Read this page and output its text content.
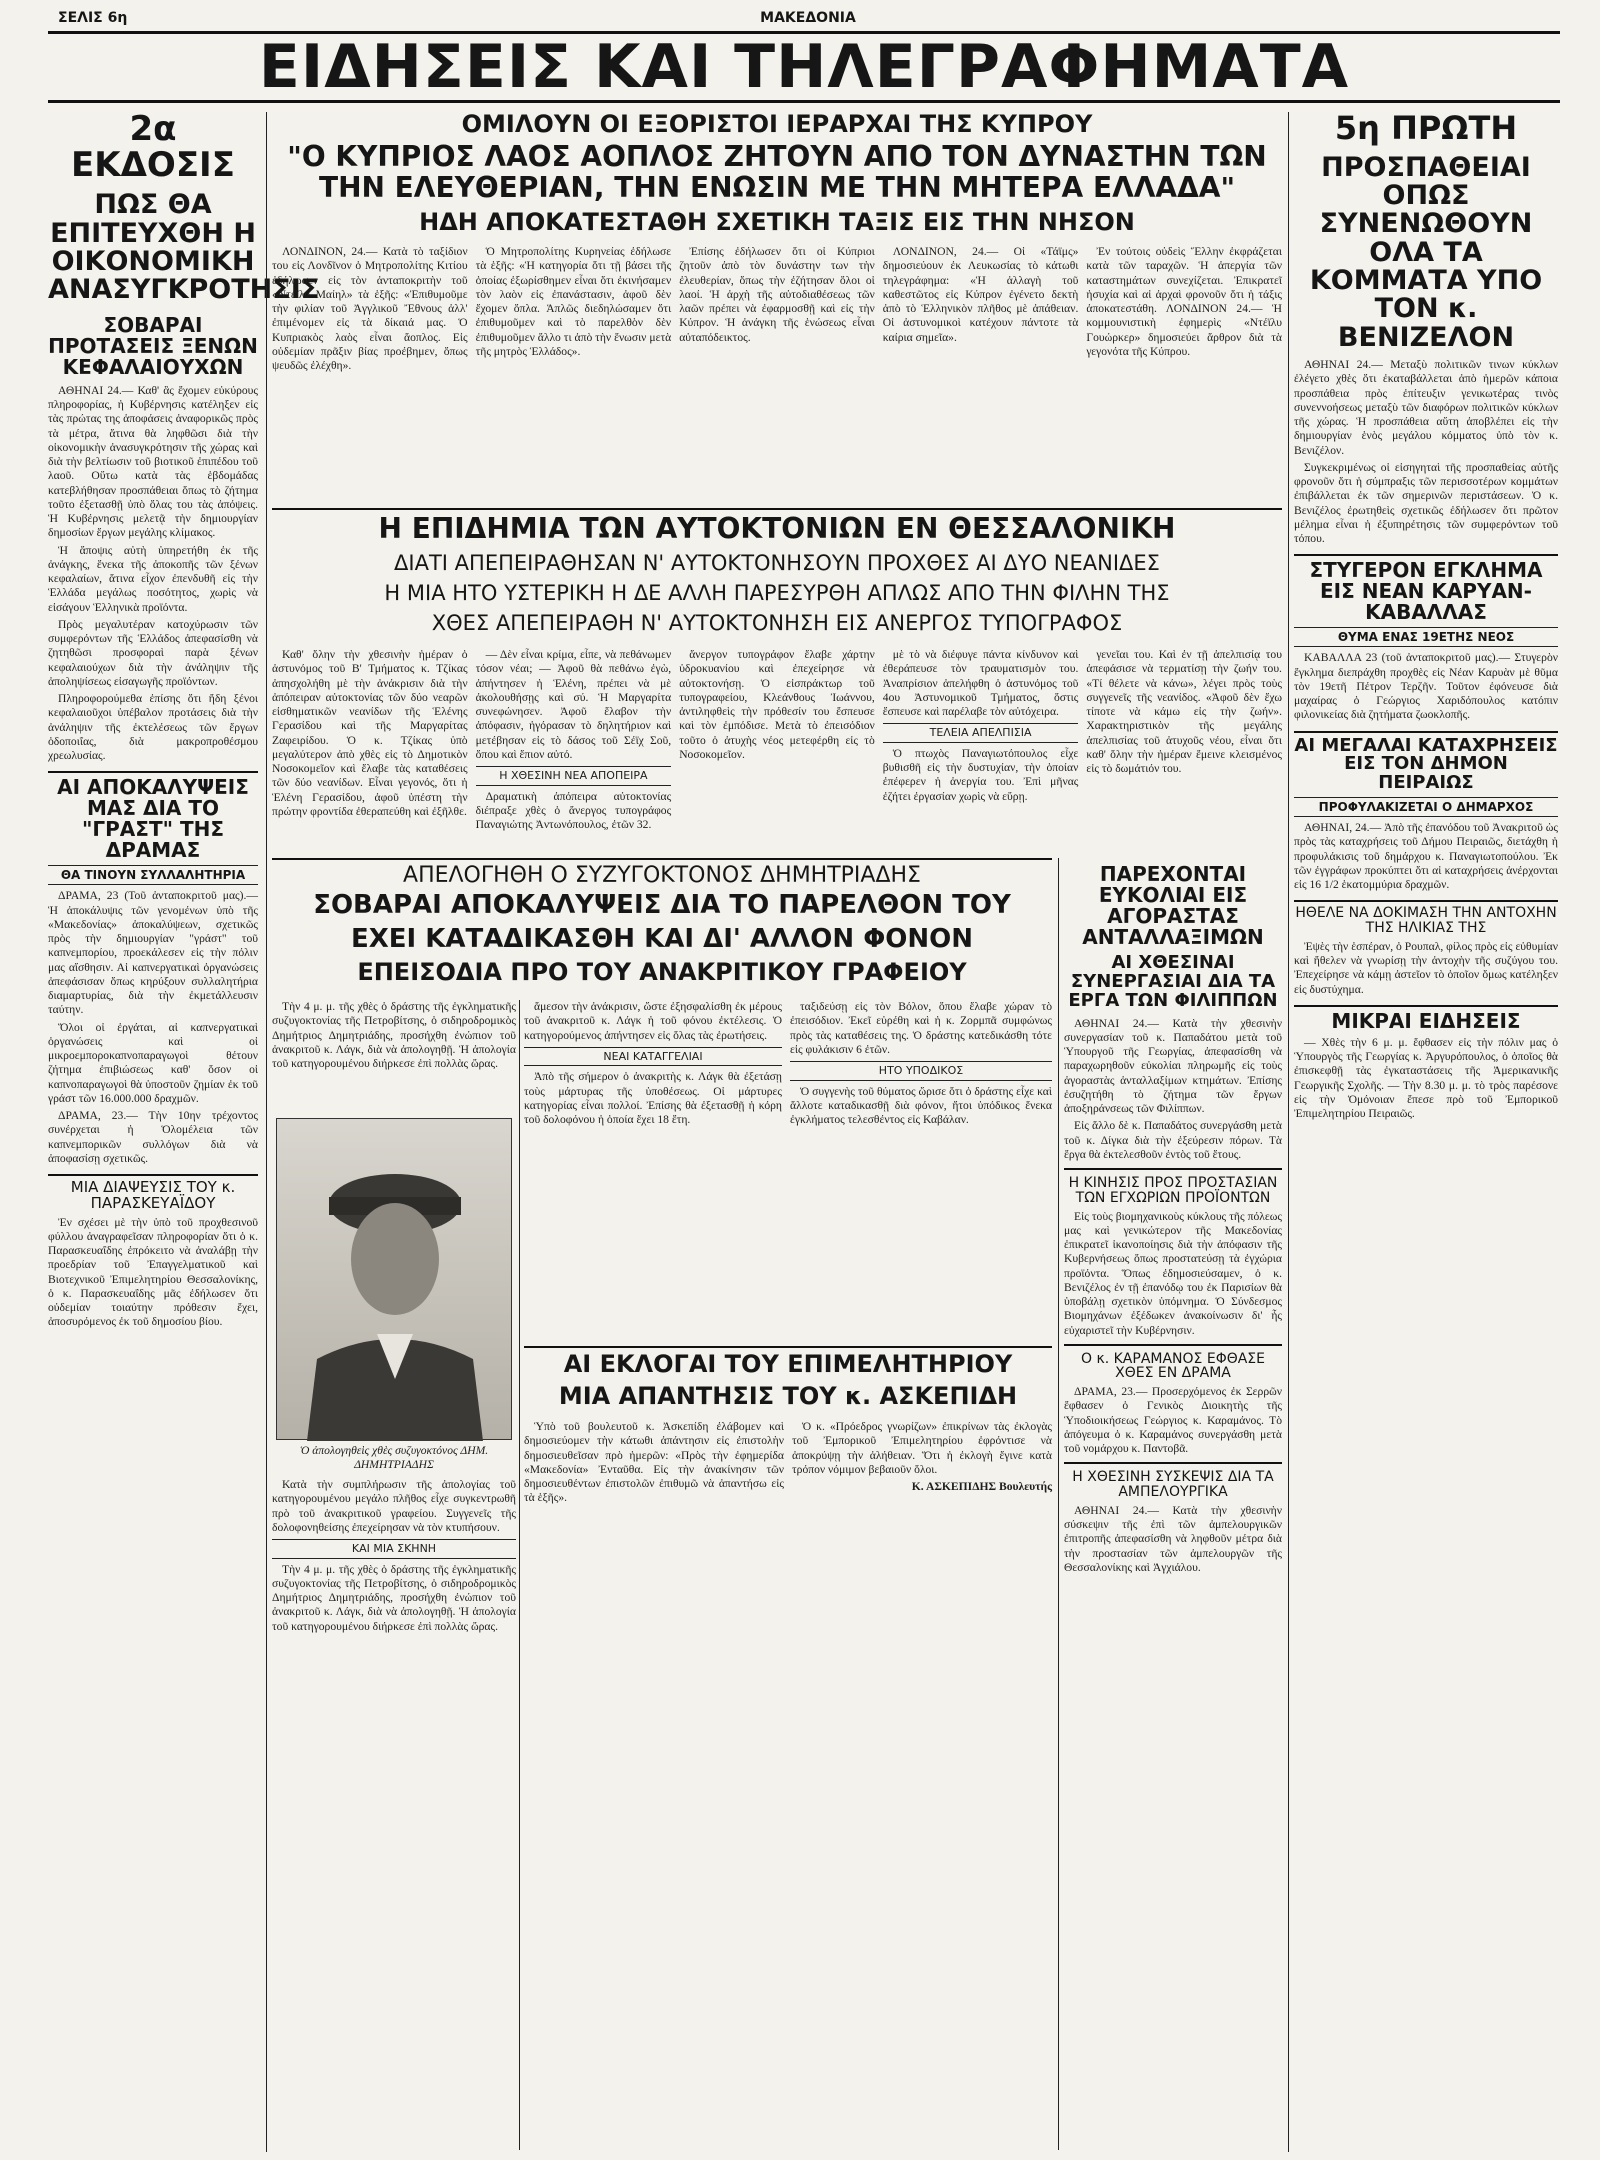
ΣΕΛΙΣ 6η	ΜΑΚΕΔΟΝΙΑ
ΕΙΔΗΣΕΙΣ ΚΑΙ ΤΗΛΕΓΡΑΦΗΜΑΤΑ
2α ΕΚΔΟΣΙΣ
ΠΩΣ ΘΑ ΕΠΙΤΕΥΧΘΗ Η ΟΙΚΟΝΟΜΙΚΗ ΑΝΑΣΥΓΚΡΟΤΗΣΙΣ
ΣΟΒΑΡΑΙ ΠΡΟΤΑΣΕΙΣ ΞΕΝΩΝ ΚΕΦΑΛΑΙΟΥΧΩΝ

ΑΘΗΝΑΙ 24.— Καθ' ἃς ἔχομεν εὐκύρους πληροφορίας, ἡ Κυβέρνησις κατέληξεν εἰς τὰς πρώτας της ἀποφάσεις ἀναφορικῶς πρὸς τὰ μέτρα, ἅτινα θὰ ληφθῶσι διὰ τὴν οἰκονομικὴν ἀνασυγκρότησιν τῆς χώρας καὶ διὰ τὴν βελτίωσιν τοῦ βιοτικοῦ ἐπιπέδου τοῦ λαοῦ. Οὕτω κατὰ τὰς ἑβδομάδας κατεβλήθησαν προσπάθειαι ὅπως τὸ ζήτημα τοῦτο ἐξετασθῇ ὑπὸ ὅλας του τὰς ἀπόψεις. Ἡ Κυβέρνησις μελετᾷ τὴν δημιουργίαν δημοσίων ἔργων μεγάλης κλίμακος.

Ἡ ἄποψις αὐτὴ ὑπηρετήθη ἐκ τῆς ἀνάγκης, ἕνεκα τῆς ἀποκοπῆς τῶν ξένων κεφαλαίων, ἅτινα εἶχον ἐπενδυθῆ εἰς τὴν Ἑλλάδα μεγάλως ποσότητος, χωρὶς νὰ εἰσάγουν Ἑλληνικὰ προϊόντα.

Πρὸς μεγαλυτέραν κατοχύρωσιν τῶν συμφερόντων τῆς Ἑλλάδος ἀπεφασίσθη νὰ ζητηθῶσι προσφοραὶ παρὰ ξένων κεφαλαιούχων διὰ τὴν ἀνάληψιν τῆς ἀποληψίσεως εἰσαγωγῆς προϊόντων.

Πληροφορούμεθα ἐπίσης ὅτι ἤδη ξένοι κεφαλαιοῦχοι ὑπέβαλον προτάσεις διὰ τὴν ἀνάληψιν τῆς ἐκτελέσεως τῶν ἔργων ὁδοποιΐας, διὰ μακροπροθέσμου χρεωλυσίας.

ΑΙ ΑΠΟΚΑΛΥΨΕΙΣ ΜΑΣ ΔΙΑ ΤΟ "ΓΡΑΣΤ" ΤΗΣ ΔΡΑΜΑΣ
ΘΑ ΤΙΝΟΥΝ ΣΥΛΛΑΛΗΤΗΡΙΑ

ΔΡΑΜΑ, 23 (Τοῦ ἀνταποκριτοῦ μας).— Ἡ ἀποκάλυψις τῶν γενομένων ὑπὸ τῆς «Μακεδονίας» ἀποκαλύψεων, σχετικῶς πρὸς τὴν δημιουργίαν "γράστ" τοῦ καπνεμπορίου, προεκάλεσεν εἰς τὴν πόλιν μας αἴσθησιν. Αἱ καπνεργατικαὶ ὀργανώσεις ἀπεφάσισαν ὅπως κηρύξουν συλλαλητήρια διαμαρτυρίας, διὰ τὴν ἐκμετάλλευσιν ταύτην.

Ὅλοι οἱ ἐργάται, αἱ καπνεργατικαὶ ὀργανώσεις καὶ οἱ μικροεμποροκαπνοπαραγωγοὶ θέτουν ζήτημα ἐπιβιώσεως καθ' ὅσον οἱ καπνοπαραγωγοὶ θὰ ὑποστοῦν ζημίαν ἐκ τοῦ γράστ τῶν 16.000.000 δραχμῶν.

ΔΡΑΜΑ, 23.— Τὴν 10ην τρέχοντος συνέρχεται ἡ Ὁλομέλεια τῶν καπνεμπορικῶν συλλόγων διὰ νὰ ἀποφασίσῃ σχετικῶς.

ΜΙΑ ΔΙΑΨΕΥΣΙΣ ΤΟΥ κ. ΠΑΡΑΣΚΕΥΑΪΔΟΥ

Ἐν σχέσει μὲ τὴν ὑπὸ τοῦ προχθεσινοῦ φύλλου ἀναγραφεῖσαν πληροφορίαν ὅτι ὁ κ. Παρασκευαΐδης ἐπρόκειτο νὰ ἀναλάβῃ τὴν προεδρίαν τοῦ Ἐπαγγελματικοῦ καὶ Βιοτεχνικοῦ Ἐπιμελητηρίου Θεσσαλονίκης, ὁ κ. Παρασκευαΐδης μᾶς ἐδήλωσεν ὅτι οὐδεμίαν τοιαύτην πρόθεσιν ἔχει, ἀποσυρόμενος ἐκ τοῦ δημοσίου βίου.

ΟΜΙΛΟΥΝ ΟΙ ΕΞΟΡΙΣΤΟΙ ΙΕΡΑΡΧΑΙ ΤΗΣ ΚΥΠΡΟΥ
"Ο ΚΥΠΡΙΟΣ ΛΑΟΣ ΑΟΠΛΟΣ ΖΗΤΟΥΝ ΑΠΟ ΤΟΝ ΔΥΝΑΣΤΗΝ ΤΩΝ ΤΗΝ ΕΛΕΥΘΕΡΙΑΝ, ΤΗΝ ΕΝΩΣΙΝ ΜΕ ΤΗΝ ΜΗΤΕΡΑ ΕΛΛΑΔΑ"
ΗΔΗ ΑΠΟΚΑΤΕΣΤΑΘΗ ΣΧΕΤΙΚΗ ΤΑΞΙΣ ΕΙΣ ΤΗΝ ΝΗΣΟΝ

ΛΟΝΔΙΝΟΝ, 24.— Κατὰ τὸ ταξίδιον του εἰς Λονδῖνον ὁ Μητροπολίτης Κιτίου ἐδήλωσεν εἰς τὸν ἀνταποκριτὴν τοῦ «Ντέϊλυ Μαίηλ» τὰ ἑξῆς: «Ἐπιθυμοῦμε τὴν φιλίαν τοῦ Ἀγγλικοῦ Ἔθνους ἀλλ' ἐπιμένομεν εἰς τὰ δίκαιά μας. Ὁ Κυπριακὸς λαὸς εἶναι ἄοπλος. Εἰς οὐδεμίαν πρᾶξιν βίας προέβημεν, ὅπως ψευδῶς ἐλέχθη».

Ὁ Μητροπολίτης Κυρηνείας ἐδήλωσε τὰ ἑξῆς: «Ἡ κατηγορία ὅτι τῇ βάσει τῆς ὁποίας ἐξωρίσθημεν εἶναι ὅτι ἐκινήσαμεν τὸν λαὸν εἰς ἐπανάστασιν, ἀφοῦ δὲν ἔχομεν ὅπλα. Ἁπλῶς διεδηλώσαμεν ὅτι ἐπιθυμοῦμεν καὶ τὸ παρελθὸν δὲν ἐπιθυμοῦμεν ἄλλο τι ἀπὸ τὴν ἕνωσιν μετὰ τῆς μητρὸς Ἑλλάδος».

Ἐπίσης ἐδήλωσεν ὅτι οἱ Κύπριοι ζητοῦν ἀπὸ τὸν δυνάστην των τὴν ἐλευθερίαν, ὅπως τὴν ἐζήτησαν ὅλοι οἱ λαοί. Ἡ ἀρχὴ τῆς αὐτοδιαθέσεως τῶν λαῶν πρέπει νὰ ἐφαρμοσθῇ καὶ εἰς τὴν Κύπρον. Ἡ ἀνάγκη τῆς ἑνώσεως εἶναι αὐταπόδεικτος.

ΛΟΝΔΙΝΟΝ, 24.— Οἱ «Τάϊμς» δημοσιεύουν ἐκ Λευκωσίας τὸ κάτωθι τηλεγράφημα: «Ἡ ἀλλαγὴ τοῦ καθεστῶτος εἰς Κύπρον ἐγένετο δεκτὴ ἀπὸ τὸ Ἑλληνικὸν πλῆθος μὲ ἀπάθειαν. Οἱ ἀστυνομικοὶ κατέχουν πάντοτε τὰ καίρια σημεῖα».

Ἐν τούτοις οὐδεὶς Ἕλλην ἐκφράζεται κατὰ τῶν ταραχῶν. Ἡ ἀπεργία τῶν καταστημάτων συνεχίζεται. Ἐπικρατεῖ ἡσυχία καὶ αἱ ἀρχαὶ φρονοῦν ὅτι ἡ τάξις ἀποκατεστάθη. ΛΟΝΔΙΝΟΝ 24.— Ἡ κομμουνιστικὴ ἐφημερὶς «Ντέϊλυ Γουώρκερ» δημοσιεύει ἄρθρον διὰ τὰ γεγονότα τῆς Κύπρου.

Η ΕΠΙΔΗΜΙΑ ΤΩΝ ΑΥΤΟΚΤΟΝΙΩΝ ΕΝ ΘΕΣΣΑΛΟΝΙΚΗ
ΔΙΑΤΙ ΑΠΕΠΕΙΡΑΘΗΣΑΝ Ν' ΑΥΤΟΚΤΟΝΗΣΟΥΝ ΠΡΟΧΘΕΣ ΑΙ ΔΥΟ ΝΕΑΝΙΔΕΣ
Η ΜΙΑ ΗΤΟ ΥΣΤΕΡΙΚΗ Η ΔΕ ΑΛΛΗ ΠΑΡΕΣΥΡΘΗ ΑΠΛΩΣ ΑΠΟ ΤΗΝ ΦΙΛΗΝ ΤΗΣ
ΧΘΕΣ ΑΠΕΠΕΙΡΑΘΗ Ν' ΑΥΤΟΚΤΟΝΗΣΗ ΕΙΣ ΑΝΕΡΓΟΣ ΤΥΠΟΓΡΑΦΟΣ

Καθ' ὅλην τὴν χθεσινὴν ἡμέραν ὁ ἀστυνόμος τοῦ Β' Τμήματος κ. Τζίκας ἀπησχολήθη μὲ τὴν ἀνάκρισιν διὰ τὴν ἀπόπειραν αὐτοκτονίας τῶν δύο νεαρῶν εἰσθηματικῶν νεανίδων τῆς Ἑλένης Γερασίδου καὶ τῆς Μαργαρίτας Ζαφειρίδου. Ὁ κ. Τζίκας ὑπὸ μεγαλύτερον ἀπὸ χθὲς εἰς τὸ Δημοτικὸν Νοσοκομεῖον καὶ ἔλαβε τὰς καταθέσεις τῶν δύο νεανίδων. Εἶναι γεγονός, ὅτι ἡ Ἑλένη Γερασίδου, ἀφοῦ ὑπέστη τὴν πρώτην φροντίδα ἐθεραπεύθη καὶ ἐξῆλθε.

— Δὲν εἶναι κρίμα, εἶπε, νὰ πεθάνωμεν τόσον νέαι; — Ἀφοῦ θὰ πεθάνω ἐγὼ, ἀπήντησεν ἡ Ἑλένη, πρέπει νὰ μὲ ἀκολουθήσῃς καὶ σύ. Ἡ Μαργαρίτα συνεφώνησεν. Ἀφοῦ ἔλαβον τὴν ἀπόφασιν, ἠγόρασαν τὸ δηλητήριον καὶ μετέβησαν εἰς τὸ δάσος τοῦ Σέϊχ Σοῦ, ὅπου καὶ ἔπιον αὐτό.

Η ΧΘΕΣΙΝΗ ΝΕΑ ΑΠΟΠΕΙΡΑ

Δραματικὴ ἀπόπειρα αὐτοκτονίας διέπραξε χθὲς ὁ ἄνεργος τυπογράφος Παναγιώτης Ἀντωνόπουλος, ἐτῶν 32.

ἄνεργον τυπογράφον ἔλαβε χάρτην ὑδροκυανίου καὶ ἐπεχείρησε νὰ αὐτοκτονήσῃ. Ὁ εἰσπράκτωρ τοῦ τυπογραφείου, Κλεάνθους Ἰωάννου, ἀντιληφθεὶς τὴν πρόθεσίν του ἔσπευσε καὶ τὸν ἐμπόδισε. Μετὰ τὸ ἐπεισόδιον τοῦτο ὁ ἀτυχὴς νέος μετεφέρθη εἰς τὸ Νοσοκομεῖον.

μὲ τὸ νὰ διέφυγε πάντα κίνδυνον καὶ ἐθεράπευσε τὸν τραυματισμὸν του. Ἀναπρίσιον ἀπελήφθη ὁ ἀστυνόμος τοῦ 4ου Ἀστυνομικοῦ Τμήματος, ὅστις ἔσπευσε καὶ παρέλαβε τὸν αὐτόχειρα.

ΤΕΛΕΙΑ ΑΠΕΛΠΙΣΙΑ

Ὁ πτωχὸς Παναγιωτόπουλος εἶχε βυθισθῆ εἰς τὴν δυστυχίαν, τὴν ὁποίαν ἐπέφερεν ἡ ἀνεργία του. Ἐπὶ μῆνας ἐζήτει ἐργασίαν χωρὶς νὰ εὕρῃ.

γενεῖαι του. Καὶ ἐν τῇ ἀπελπισίᾳ του ἀπεφάσισε νὰ τερματίσῃ τὴν ζωήν του. «Τί θέλετε νὰ κάνω», λέγει πρὸς τοὺς συγγενεῖς τῆς νεανίδος. «Ἀφοῦ δὲν ἔχω τίποτε νὰ κάμω εἰς τὴν ζωήν». Χαρακτηριστικὸν τῆς μεγάλης ἀπελπισίας τοῦ ἀτυχοῦς νέου, εἶναι ὅτι καθ' ὅλην τὴν ἡμέραν ἔμεινε κλεισμένος εἰς τὸ δωμάτιόν του.

ΑΠΕΛΟΓΗΘΗ Ο ΣΥΖΥΓΟΚΤΟΝΟΣ ΔΗΜΗΤΡΙΑΔΗΣ
ΣΟΒΑΡΑΙ ΑΠΟΚΑΛΥΨΕΙΣ ΔΙΑ ΤΟ ΠΑΡΕΛΘΟΝ ΤΟΥ
ΕΧΕΙ ΚΑΤΑΔΙΚΑΣΘΗ ΚΑΙ ΔΙ' ΑΛΛΟΝ ΦΟΝΟΝ
ΕΠΕΙΣΟΔΙΑ ΠΡΟ ΤΟΥ ΑΝΑΚΡΙΤΙΚΟΥ ΓΡΑΦΕΙΟΥ

Τὴν 4 μ. μ. τῆς χθὲς ὁ δράστης τῆς ἐγκληματικῆς συζυγοκτονίας τῆς Πετροβίτσης, ὁ σιδηροδρομικὸς Δημήτριος Δημητριάδης, προσήχθη ἐνώπιον τοῦ ἀνακριτοῦ κ. Λάγκ, διὰ νὰ ἀπολογηθῇ. Ἡ ἀπολογία τοῦ κατηγορουμένου διήρκεσε ἐπὶ πολλὰς ὥρας.

Ὁ ἀπολογηθεὶς χθὲς συζυγοκτόνος ΔΗΜ. ΔΗΜΗΤΡΙΑΔΗΣ

Κατὰ τὴν συμπλήρωσιν τῆς ἀπολογίας τοῦ κατηγορουμένου μεγάλο πλῆθος εἶχε συγκεντρωθῆ πρὸ τοῦ ἀνακριτικοῦ γραφείου. Συγγενεῖς τῆς δολοφονηθείσης ἐπεχείρησαν νὰ τὸν κτυπήσουν.

ΚΑΙ ΜΙΑ ΣΚΗΝΗ

Τὴν 4 μ. μ. τῆς χθὲς ὁ δράστης τῆς ἐγκληματικῆς συζυγοκτονίας τῆς Πετροβίτσης, ὁ σιδηροδρομικὸς Δημήτριος Δημητριάδης, προσήχθη ἐνώπιον τοῦ ἀνακριτοῦ κ. Λάγκ, διὰ νὰ ἀπολογηθῇ. Ἡ ἀπολογία τοῦ κατηγορουμένου διήρκεσε ἐπὶ πολλὰς ὥρας.

ἄμεσον τὴν ἀνάκρισιν, ὥστε ἐξησφαλίσθη ἐκ μέρους τοῦ ἀνακριτοῦ κ. Λάγκ ἡ τοῦ φόνου ἐκτέλεσις. Ὁ κατηγορούμενος ἀπήντησεν εἰς ὅλας τὰς ἐρωτήσεις.

ΝΕΑΙ ΚΑΤΑΓΓΕΛΙΑΙ

Ἀπὸ τῆς σήμερον ὁ ἀνακριτὴς κ. Λάγκ θὰ ἐξετάσῃ τοὺς μάρτυρας τῆς ὑποθέσεως. Οἱ μάρτυρες κατηγορίας εἶναι πολλοί. Ἐπίσης θὰ ἐξετασθῇ ἡ κόρη τοῦ δολοφόνου ἡ ὁποία ἔχει 18 ἔτη.

ταξιδεύσῃ εἰς τὸν Βόλον, ὅπου ἔλαβε χώραν τὸ ἐπεισόδιον. Ἐκεῖ εὑρέθη καὶ ἡ κ. Ζορμπᾶ συμφώνως πρὸς τὰς καταθέσεις της. Ὁ δράστης κατεδικάσθη τότε εἰς φυλάκισιν 6 ἐτῶν.

ΗΤΟ ΥΠΟΔΙΚΟΣ

Ὁ συγγενὴς τοῦ θύματος ὥρισε ὅτι ὁ δράστης εἶχε καὶ ἄλλοτε καταδικασθῇ διὰ φόνον, ἤτοι ὑπόδικος ἕνεκα ἐγκλήματος τελεσθέντος εἰς Καβάλαν.

ΑΙ ΕΚΛΟΓΑΙ ΤΟΥ ΕΠΙΜΕΛΗΤΗΡΙΟΥ
ΜΙΑ ΑΠΑΝΤΗΣΙΣ ΤΟΥ κ. ΑΣΚΕΠΙΔΗ

Ὑπὸ τοῦ βουλευτοῦ κ. Ἀσκεπίδη ἐλάβομεν καὶ δημοσιεύομεν τὴν κάτωθι ἀπάντησιν εἰς ἐπιστολὴν δημοσιευθεῖσαν πρὸ ἡμερῶν: «Πρὸς τὴν ἐφημερίδα «Μακεδονία» Ἐνταῦθα. Εἰς τὴν ἀνακίνησιν τῶν δημοσιευθέντων ἐπιστολῶν ἐπιθυμῶ νὰ ἀπαντήσω εἰς τὰ ἑξῆς».

Ὁ κ. «Πρόεδρος γνωρίζων» ἐπικρίνων τὰς ἐκλογὰς τοῦ Ἐμπορικοῦ Ἐπιμελητηρίου ἐφρόντισε νὰ ἀποκρύψῃ τὴν ἀλήθειαν. Ὅτι ἡ ἐκλογὴ ἔγινε κατὰ τρόπον νόμιμον βεβαιοῦν ὅλοι.

Κ. ΑΣΚΕΠΙΔΗΣ Βουλευτής

ΠΑΡΕΧΟΝΤΑΙ ΕΥΚΟΛΙΑΙ ΕΙΣ ΑΓΟΡΑΣΤΑΣ ΑΝΤΑΛΛΑΞΙΜΩΝ
ΑΙ ΧΘΕΣΙΝΑΙ ΣΥΝΕΡΓΑΣΙΑΙ ΔΙΑ ΤΑ ΕΡΓΑ ΤΩΝ ΦΙΛΙΠΠΩΝ

ΑΘΗΝΑΙ 24.— Κατὰ τὴν χθεσινὴν συνεργασίαν τοῦ κ. Παπαδάτου μετὰ τοῦ Ὑπουργοῦ τῆς Γεωργίας, ἀπεφασίσθη νὰ παραχωρηθοῦν εὐκολίαι πληρωμῆς εἰς τοὺς ἀγοραστὰς ἀνταλλαξίμων κτημάτων. Ἐπίσης ἐσυζητήθη τὸ ζήτημα τῶν ἔργων ἀποξηράνσεως τῶν Φιλίππων.

Εἰς ἄλλο δὲ κ. Παπαδάτος συνεργάσθη μετὰ τοῦ κ. Δίγκα διὰ τὴν ἐξεύρεσιν πόρων. Τὰ ἔργα θὰ ἐκτελεσθοῦν ἐντὸς τοῦ ἔτους.

Η ΚΙΝΗΣΙΣ ΠΡΟΣ ΠΡΟΣΤΑΣΙΑΝ ΤΩΝ ΕΓΧΩΡΙΩΝ ΠΡΟΪΟΝΤΩΝ

Εἰς τοὺς βιομηχανικοὺς κύκλους τῆς πόλεως μας καὶ γενικώτερον τῆς Μακεδονίας ἐπικρατεῖ ἱκανοποίησις διὰ τὴν ἀπόφασιν τῆς Κυβερνήσεως ὅπως προστατεύσῃ τὰ ἐγχώρια προϊόντα. Ὅπως ἐδημοσιεύσαμεν, ὁ κ. Βενιζέλος ἐν τῇ ἐπανόδῳ του ἐκ Παρισίων θὰ ὑποβάλῃ σχετικὸν ὑπόμνημα. Ὁ Σύνδεσμος Βιομηχάνων ἐξέδωκεν ἀνακοίνωσιν δι' ἧς εὐχαριστεῖ τὴν Κυβέρνησιν.

Ο κ. ΚΑΡΑΜΑΝΟΣ ΕΦΘΑΣΕ ΧΘΕΣ ΕΝ ΔΡΑΜΑ

ΔΡΑΜΑ, 23.— Προσερχόμενος ἐκ Σερρῶν ἔφθασεν ὁ Γενικὸς Διοικητὴς τῆς Ὑποδιοικήσεως Γεώργιος κ. Καραμάνος. Τὸ ἀπόγευμα ὁ κ. Καραμάνος συνεργάσθη μετὰ τοῦ νομάρχου κ. Παντοβᾶ.

Η ΧΘΕΣΙΝΗ ΣΥΣΚΕΨΙΣ ΔΙΑ ΤΑ ΑΜΠΕΛΟΥΡΓΙΚΑ

ΑΘΗΝΑΙ 24.— Κατὰ τὴν χθεσινὴν σύσκεψιν τῆς ἐπὶ τῶν ἀμπελουργικῶν ἐπιτροπῆς ἀπεφασίσθη νὰ ληφθοῦν μέτρα διὰ τὴν προστασίαν τῶν ἀμπελουργῶν τῆς Θεσσαλονίκης καὶ Ἀγχιάλου.

5η ΠΡΩΤΗ
ΠΡΟΣΠΑΘΕΙΑΙ ΟΠΩΣ ΣΥΝΕΝΩΘΟΥΝ ΟΛΑ ΤΑ ΚΟΜΜΑΤΑ ΥΠΟ ΤΟΝ κ. ΒΕΝΙΖΕΛΟΝ

ΑΘΗΝΑΙ 24.— Μεταξὺ πολιτικῶν τινων κύκλων ἐλέγετο χθὲς ὅτι ἐκαταβάλλεται ἀπὸ ἡμερῶν κάποια προσπάθεια πρὸς ἐπίτευξιν γενικωτέρας τινὸς συνεννοήσεως μεταξὺ τῶν διαφόρων πολιτικῶν κύκλων τῆς χώρας. Ἡ προσπάθεια αὕτη ἀποβλέπει εἰς τὴν δημιουργίαν ἑνὸς μεγάλου κόμματος ὑπὸ τὸν κ. Βενιζέλον.

Συγκεκριμένως οἱ εἰσηγηταὶ τῆς προσπαθείας αὐτῆς φρονοῦν ὅτι ἡ σύμπραξις τῶν περισσοτέρων κομμάτων ἐπιβάλλεται ἐκ τῶν σημερινῶν περιστάσεων. Ὁ κ. Βενιζέλος ἐρωτηθεὶς σχετικῶς ἐδήλωσεν ὅτι πρῶτον μέλημα εἶναι ἡ ἐξυπηρέτησις τῶν συμφερόντων τοῦ τόπου.

ΣΤΥΓΕΡΟΝ ΕΓΚΛΗΜΑ ΕΙΣ ΝΕΑΝ ΚΑΡΥΑΝ-ΚΑΒΑΛΛΑΣ
ΘΥΜΑ ΕΝΑΣ 19ΕΤΗΣ ΝΕΟΣ

ΚΑΒΑΛΛΑ 23 (τοῦ ἀνταποκριτοῦ μας).— Στυγερὸν ἔγκλημα διεπράχθη προχθὲς εἰς Νέαν Καρυὰν μὲ θῦμα τὸν 19ετῆ Πέτρον Τερζῆν. Τοῦτον ἐφόνευσε διὰ μαχαίρας ὁ Γεώργιος Χαριδόπουλος κατόπιν φιλονικείας διὰ ζητήματα ζωοκλοπῆς.

ΑΙ ΜΕΓΑΛΑΙ ΚΑΤΑΧΡΗΣΕΙΣ ΕΙΣ ΤΟΝ ΔΗΜΟΝ ΠΕΙΡΑΙΩΣ
ΠΡΟΦΥΛΑΚΙΖΕΤΑΙ Ο ΔΗΜΑΡΧΟΣ

ΑΘΗΝΑΙ, 24.— Ἀπὸ τῆς ἐπανόδου τοῦ Ἀνακριτοῦ ὡς πρὸς τὰς καταχρήσεις τοῦ Δήμου Πειραιῶς, διετάχθη ἡ προφυλάκισις τοῦ δημάρχου κ. Παναγιωτοπούλου. Ἐκ τῶν ἐγγράφων προκύπτει ὅτι αἱ καταχρήσεις ἀνέρχονται εἰς 16 1/2 ἑκατομμύρια δραχμῶν.

ΗΘΕΛΕ ΝΑ ΔΟΚΙΜΑΣΗ ΤΗΝ ΑΝΤΟΧΗΝ ΤΗΣ ΗΛΙΚΙΑΣ ΤΗΣ

Ἐψὲς τὴν ἑσπέραν, ὁ Ρουπαλ, φίλος πρὸς εἰς εὐθυμίαν καὶ ἤθελεν νὰ γνωρίσῃ τὴν ἀντοχὴν τῆς συζύγου του. Ἐπεχείρησε νὰ κάμῃ ἀστεῖον τὸ ὁποῖον ὅμως κατέληξεν εἰς δυστύχημα.

ΜΙΚΡΑΙ ΕΙΔΗΣΕΙΣ

— Χθὲς τὴν 6 μ. μ. ἔφθασεν εἰς τὴν πόλιν μας ὁ Ὑπουργὸς τῆς Γεωργίας κ. Ἀργυρόπουλος, ὁ ὁποῖος θὰ ἐπισκεφθῇ τὰς ἐγκαταστάσεις τῆς Ἀμερικανικῆς Γεωργικῆς Σχολῆς. — Τὴν 8.30 μ. μ. τὸ τρὸς παρέσονε εἰς τὴν Ὁμόνοιαν ἔπεσε πρὸ τοῦ Ἐμπορικοῦ Ἐπιμελητηρίου Πειραιῶς.
